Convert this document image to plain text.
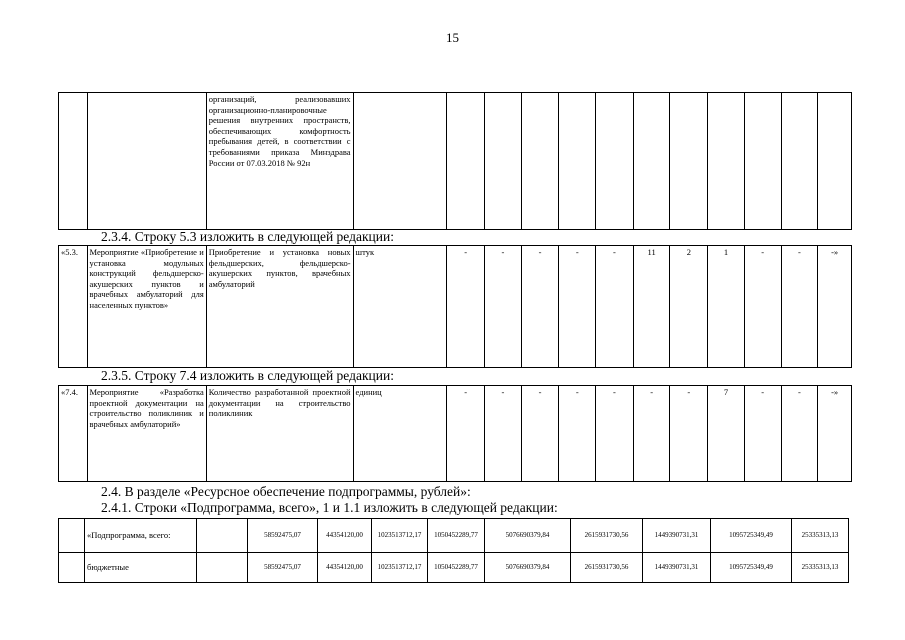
15
		организаций, реализовавших организационно-планировочные решения внутренних пространств, обеспечивающих комфортность пребывания детей, в соответствии с требованиями приказа Минздрава России от 07.03.2018 № 92н												
2.3.4. Строку 5.3 изложить в следующей редакции:
«5.3.	Мероприятие «Приобретение и установка модульных конструкций фельдшерско-акушерских пунктов и врачебных амбулаторий для населенных пунктов»	Приобретение и установка новых фельдшерских, фельдшерско-акушерских пунктов, врачебных амбулаторий	штук	-	-	-	-	-	11	2	1	-	-	-»
2.3.5. Строку 7.4 изложить в следующей редакции:
«7.4.	Мероприятие «Разработка проектной документации на строительство поликлиник и врачебных амбулаторий»	Количество разработанной проектной документации на строительство поликлиник	единиц	-	-	-	-	-	-	-	7	-	-	-»
2.4. В разделе «Ресурсное обеспечение подпрограммы, рублей»:
2.4.1. Строки «Подпрограмма, всего», 1 и 1.1 изложить в следующей редакции:
	«Подпрограмма, всего:		58592475,07	44354120,00	1023513712,17	1050452289,77	5076690379,84	2615931730,56	1449390731,31	1095725349,49	25335313,13
	бюджетные		58592475,07	44354120,00	1023513712,17	1050452289,77	5076690379,84	2615931730,56	1449390731,31	1095725349,49	25335313,13
